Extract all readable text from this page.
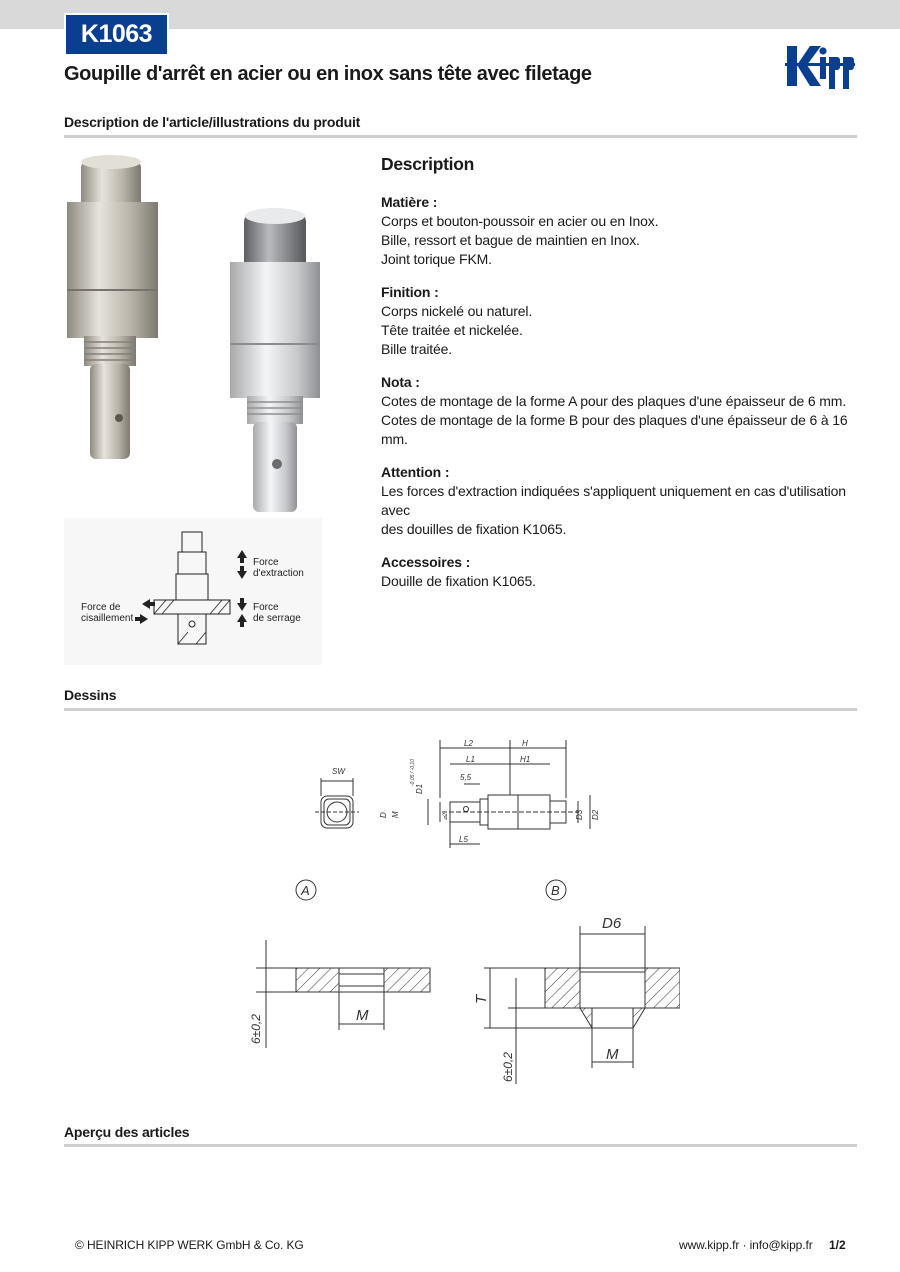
K1063
Goupille d'arrêt en acier ou en inox sans tête avec filetage
Description de l'article/illustrations du produit
Force
d'extraction
Force de
cisaillement
Force
de serrage
Description
Matière :
Corps et bouton-poussoir en acier ou en Inox.
Bille, ressort et bague de maintien en Inox.
Joint torique FKM.
Finition :
Corps nickelé ou naturel.
Tête traitée et nickelée.
Bille traitée.
Nota :
Cotes de montage de la forme A pour des plaques d'une épaisseur de 6 mm.
Cotes de montage de la forme B pour des plaques d'une épaisseur de 6 à 16 mm.
Attention :
Les forces d'extraction indiquées s'appliquent uniquement en cas d'utilisation avec
des douilles de fixation K1065.
Accessoires :
Douille de fixation K1065.
Dessins
SW
L2	H
L1	H1
5,5
D1
-0,05 / -0,10
D M	⌀2	D3 D2
L5
A	B
M
D6
M
T
6±0,2
6±0,2
Aperçu des articles
© HEINRICH KIPP WERK GmbH & Co. KG	www.kipp.fr · info@kipp.fr 1/2
